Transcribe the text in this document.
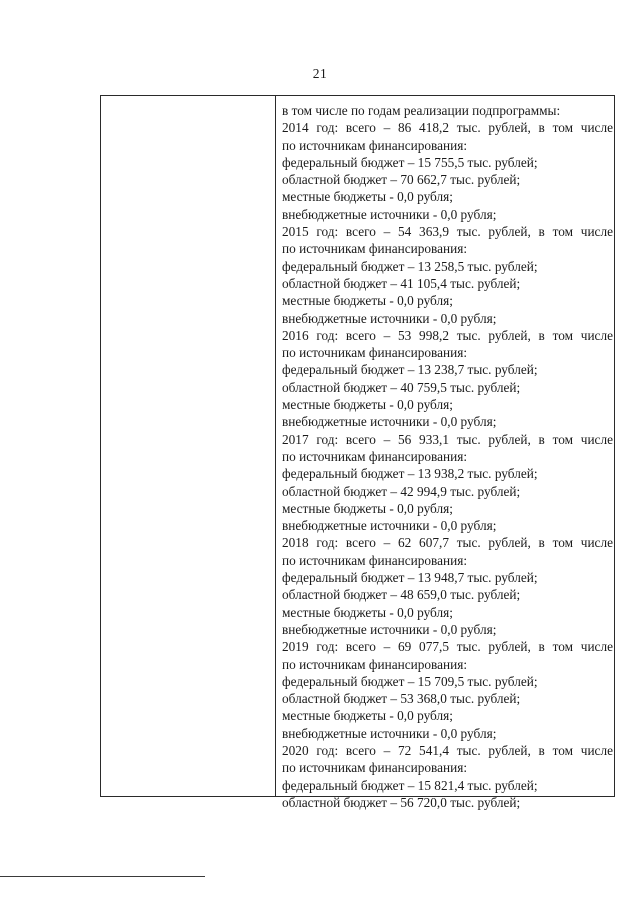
21
в том числе по годам реализации подпрограммы:
2014 год: всего – 86 418,2 тыс. рублей, в том числе
по источникам финансирования:
федеральный бюджет – 15 755,5 тыс. рублей;
областной бюджет – 70 662,7 тыс. рублей;
местные бюджеты - 0,0 рубля;
внебюджетные источники - 0,0 рубля;
2015 год: всего – 54 363,9 тыс. рублей, в том числе
по источникам финансирования:
федеральный бюджет – 13 258,5 тыс. рублей;
областной бюджет – 41 105,4 тыс. рублей;
местные бюджеты - 0,0 рубля;
внебюджетные источники - 0,0 рубля;
2016 год: всего – 53 998,2 тыс. рублей, в том числе
по источникам финансирования:
федеральный бюджет – 13 238,7 тыс. рублей;
областной бюджет – 40 759,5 тыс. рублей;
местные бюджеты - 0,0 рубля;
внебюджетные источники - 0,0 рубля;
2017 год: всего – 56 933,1 тыс. рублей, в том числе
по источникам финансирования:
федеральный бюджет – 13 938,2 тыс. рублей;
областной бюджет – 42 994,9 тыс. рублей;
местные бюджеты - 0,0 рубля;
внебюджетные источники - 0,0 рубля;
2018 год: всего – 62 607,7 тыс. рублей, в том числе
по источникам финансирования:
федеральный бюджет – 13 948,7 тыс. рублей;
областной бюджет – 48 659,0 тыс. рублей;
местные бюджеты - 0,0 рубля;
внебюджетные источники - 0,0 рубля;
2019 год: всего – 69 077,5 тыс. рублей, в том числе
по источникам финансирования:
федеральный бюджет – 15 709,5 тыс. рублей;
областной бюджет – 53 368,0 тыс. рублей;
местные бюджеты - 0,0 рубля;
внебюджетные источники - 0,0 рубля;
2020 год: всего – 72 541,4 тыс. рублей, в том числе
по источникам финансирования:
федеральный бюджет – 15 821,4 тыс. рублей;
областной бюджет – 56 720,0 тыс. рублей;
